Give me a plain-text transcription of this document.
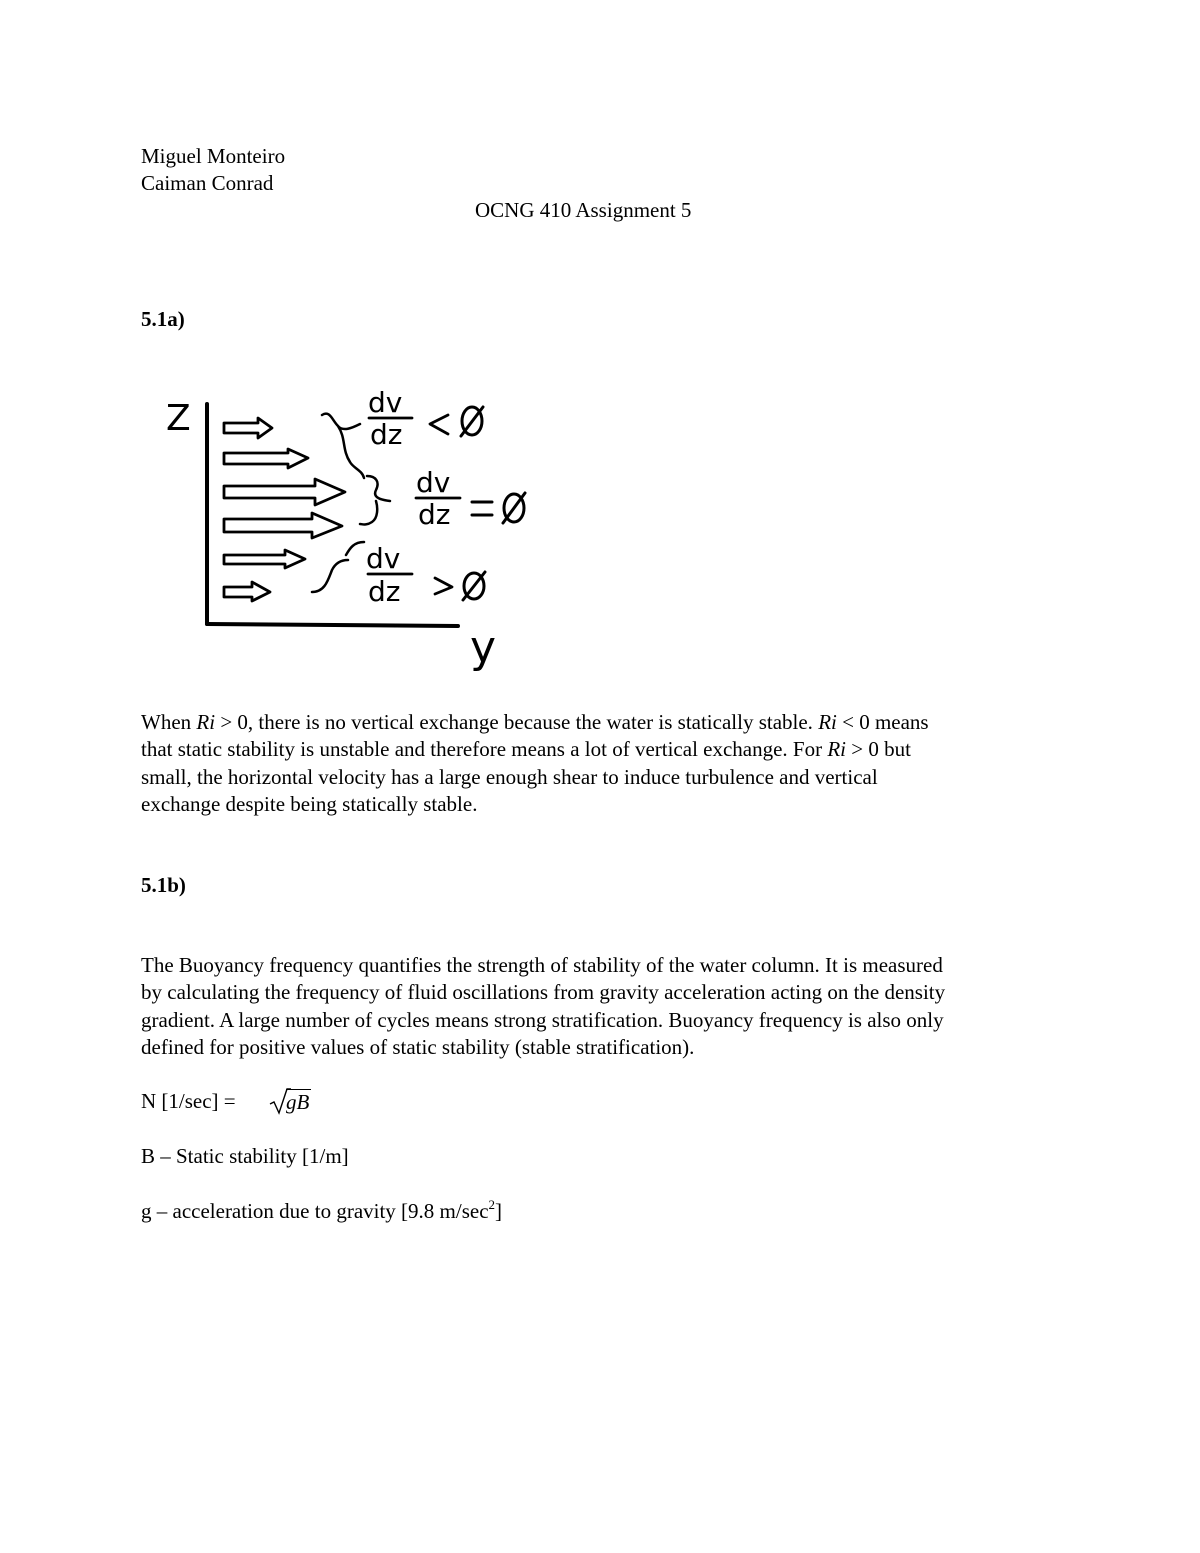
Miguel Monteiro
Caiman Conrad
OCNG 410 Assignment 5
5.1a)
Z
y
dv
dz
dv
dz
dv
dz

When Ri > 0, there is no vertical exchange because the water is statically stable. Ri < 0 means

that static stability is unstable and therefore means a lot of vertical exchange. For Ri > 0 but

small, the horizontal velocity has a large enough shear to induce turbulence and vertical

exchange despite being statically stable.

5.1b)

The Buoyancy frequency quantifies the strength of stability of the water column. It is measured

by calculating the frequency of fluid oscillations from gravity acceleration acting on the density

gradient. A large number of cycles means strong stratification. Buoyancy frequency is also only

defined for positive values of static stability (stable stratification).

N [1/sec] = gB
B – Static stability [1/m]
g – acceleration due to gravity [9.8 $m/\sec^2$]
